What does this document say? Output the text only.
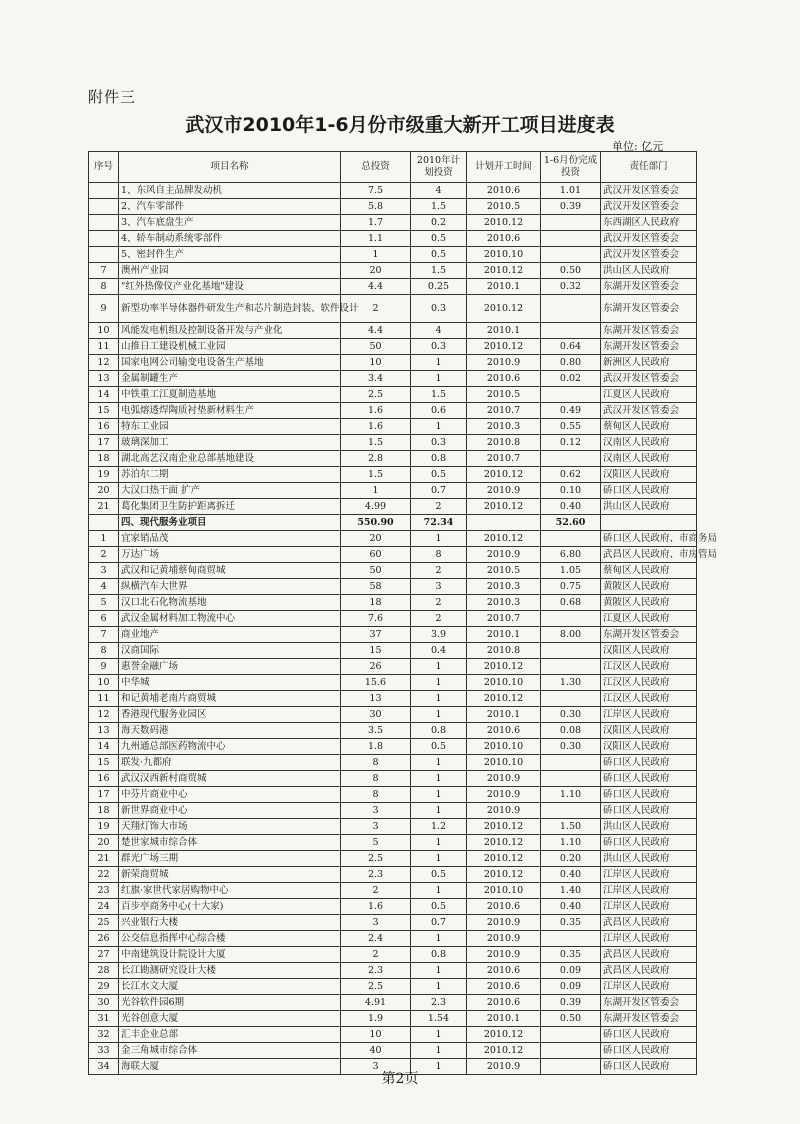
附件三
武汉市2010年1-6月份市级重大新开工项目进度表
单位: 亿元
序号	项目名称	总投资	2010年计划投资	计划开工时间	1-6月份完成投资	责任部门
	1、东风自主品牌发动机	7.5	4	2010.6	1.01	武汉开发区管委会
	2、汽车零部件	5.8	1.5	2010.5	0.39	武汉开发区管委会
	3、汽车底盘生产	1.7	0.2	2010.12		东西湖区人民政府
	4、轿车制动系统零部件	1.1	0.5	2010.6		武汉开发区管委会
	5、密封件生产	1	0.5	2010.10		武汉开发区管委会
7	澳州产业园	20	1.5	2010.12	0.50	洪山区人民政府
8	"红外热像仪产业化基地"建设	4.4	0.25	2010.1	0.32	东湖开发区管委会
9	新型功率半导体器件研发生产和芯片制造封装、软件设计	2	0.3	2010.12		东湖开发区管委会
10	风能发电机组及控制设备开发与产业化	4.4	4	2010.1		东湖开发区管委会
11	山推日工建设机械工业园	50	0.3	2010.12	0.64	东湖开发区管委会
12	国家电网公司输变电设备生产基地	10	1	2010.9	0.80	新洲区人民政府
13	金属制罐生产	3.4	1	2010.6	0.02	武汉开发区管委会
14	中铁重工江夏制造基地	2.5	1.5	2010.5		江夏区人民政府
15	电弧熔透焊陶质衬垫新材料生产	1.6	0.6	2010.7	0.49	武汉开发区管委会
16	特东工业园	1.6	1	2010.3	0.55	蔡甸区人民政府
17	玻璃深加工	1.5	0.3	2010.8	0.12	汉南区人民政府
18	湖北高艺汉南企业总部基地建设	2.8	0.8	2010.7		汉南区人民政府
19	苏泊尔二期	1.5	0.5	2010.12	0.62	汉阳区人民政府
20	大汉口热干面 扩产	1	0.7	2010.9	0.10	硚口区人民政府
21	葛化集团卫生防护距离拆迁	4.99	2	2010.12	0.40	洪山区人民政府
	四、现代服务业项目	550.90	72.34		52.60	
1	宜家销品茂	20	1	2010.12		硚口区人民政府、市商务局
2	万达广场	60	8	2010.9	6.80	武昌区人民政府、市房管局
3	武汉和记黄埔蔡甸商贸城	50	2	2010.5	1.05	蔡甸区人民政府
4	纵横汽车大世界	58	3	2010.3	0.75	黄陂区人民政府
5	汉口北石化物流基地	18	2	2010.3	0.68	黄陂区人民政府
6	武汉金属材料加工物流中心	7.6	2	2010.7		江夏区人民政府
7	商业地产	37	3.9	2010.1	8.00	东湖开发区管委会
8	汉商国际	15	0.4	2010.8		汉阳区人民政府
9	惠誉金融广场	26	1	2010.12		江汉区人民政府
10	中华城	15.6	1	2010.10	1.30	江汉区人民政府
11	和记黄埔老南片商贸城	13	1	2010.12		江汉区人民政府
12	香港现代服务业园区	30	1	2010.1	0.30	江岸区人民政府
13	海天数码港	3.5	0.8	2010.6	0.08	汉阳区人民政府
14	九州通总部医药物流中心	1.8	0.5	2010.10	0.30	汉阳区人民政府
15	联发·九都府	8	1	2010.10		硚口区人民政府
16	武汉汉西新村商贸城	8	1	2010.9		硚口区人民政府
17	中芬片商业中心	8	1	2010.9	1.10	硚口区人民政府
18	新世界商业中心	3	1	2010.9		硚口区人民政府
19	天翔灯饰大市场	3	1.2	2010.12	1.50	洪山区人民政府
20	楚世家城市综合体	5	1	2010.12	1.10	硚口区人民政府
21	群光广场三期	2.5	1	2010.12	0.20	洪山区人民政府
22	新荣商贸城	2.3	0.5	2010.12	0.40	江岸区人民政府
23	红旗·家世代家居购物中心	2	1	2010.10	1.40	江岸区人民政府
24	百步亭商务中心(十大家)	1.6	0.5	2010.6	0.40	江岸区人民政府
25	兴业银行大楼	3	0.7	2010.9	0.35	武昌区人民政府
26	公交信息指挥中心综合楼	2.4	1	2010.9		江岸区人民政府
27	中南建筑设计院设计大厦	2	0.8	2010.9	0.35	武昌区人民政府
28	长江勘测研究设计大楼	2.3	1	2010.6	0.09	武昌区人民政府
29	长江水文大厦	2.5	1	2010.6	0.09	江岸区人民政府
30	光谷软件园6期	4.91	2.3	2010.6	0.39	东湖开发区管委会
31	光谷创意大厦	1.9	1.54	2010.1	0.50	东湖开发区管委会
32	汇丰企业总部	10	1	2010.12		硚口区人民政府
33	金三角城市综合体	40	1	2010.12		硚口区人民政府
34	海联大厦	3	1	2010.9		硚口区人民政府
第2页
